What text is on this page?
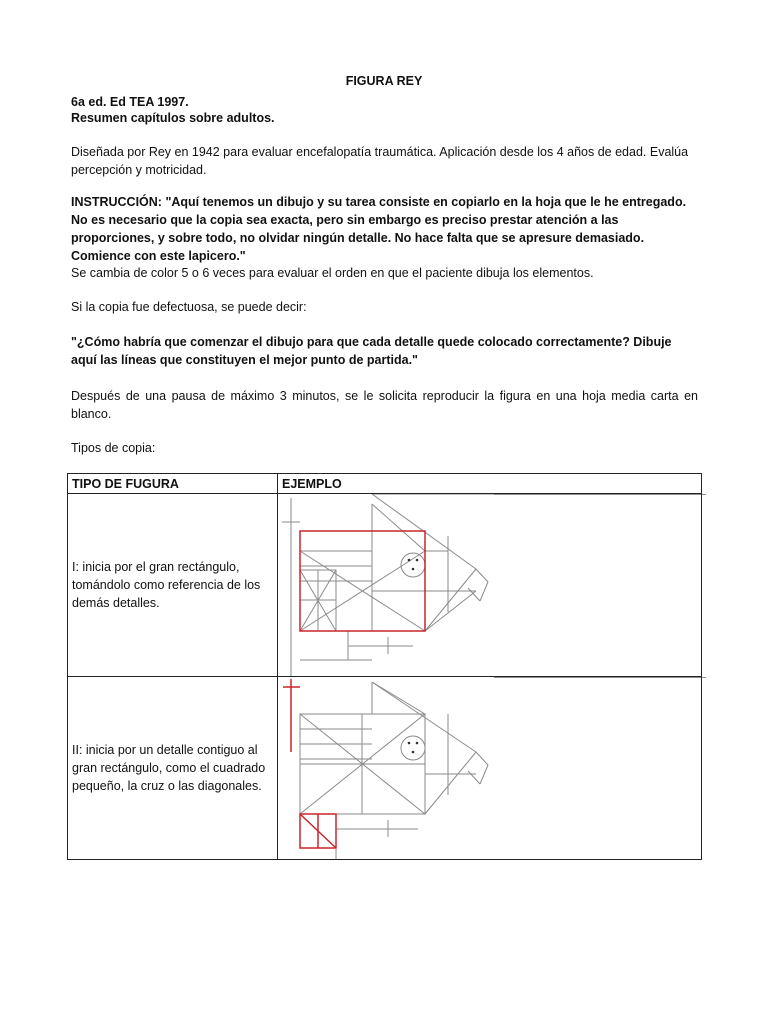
FIGURA REY

6a ed. Ed TEA 1997.

Resumen capítulos sobre adultos.

Diseñada por Rey en 1942 para evaluar encefalopatía traumática. Aplicación desde los 4 años de edad. Evalúa percepción y motricidad.

INSTRUCCIÓN: "Aquí tenemos un dibujo y su tarea consiste en copiarlo en la hoja que le he entregado. No es necesario que la copia sea exacta, pero sin embargo es preciso prestar atención a las proporciones, y sobre todo, no olvidar ningún detalle. No hace falta que se apresure demasiado. Comience con este lapicero."

Se cambia de color 5 o 6 veces para evaluar el orden en que el paciente dibuja los elementos.

Si la copia fue defectuosa, se puede decir:

"¿Cómo habría que comenzar el dibujo para que cada detalle quede colocado correctamente? Dibuje aquí las líneas que constituyen el mejor punto de partida."

Después de una pausa de máximo 3 minutos, se le solicita reproducir la figura en una hoja media carta en blanco.

Tipos de copia:

TIPO DE FUGURA	EJEMPLO
I: inicia por el gran rectángulo, tomándolo como referencia de los demás detalles.	

II: inicia por un detalle contiguo al gran rectángulo, como el cuadrado pequeño, la cruz o las diagonales.	
